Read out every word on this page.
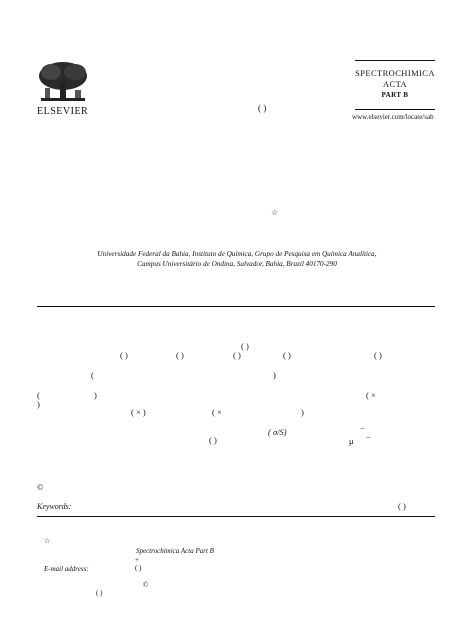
ELSEVIER
SPECTROCHIMICA
ACTA
PART B
www.elsevier.com/locate/sab
( )
☆
Universidade Federal da Bahia, Instituto de Química, Grupo de Pesquisa em Química Analítica,
Campus Universitário de Ondina, Salvador, Bahia, Brazil 40170-290
( )
( )	( )	( )	( )	( )
(	)
(	)	( ×
)
( × )	( ×	)
( σ/S)	−
( )	μ −
©
Keywords:	( )
☆
Spectrochimica Acta Part B
+
E-mail address:	( )
©
( )
